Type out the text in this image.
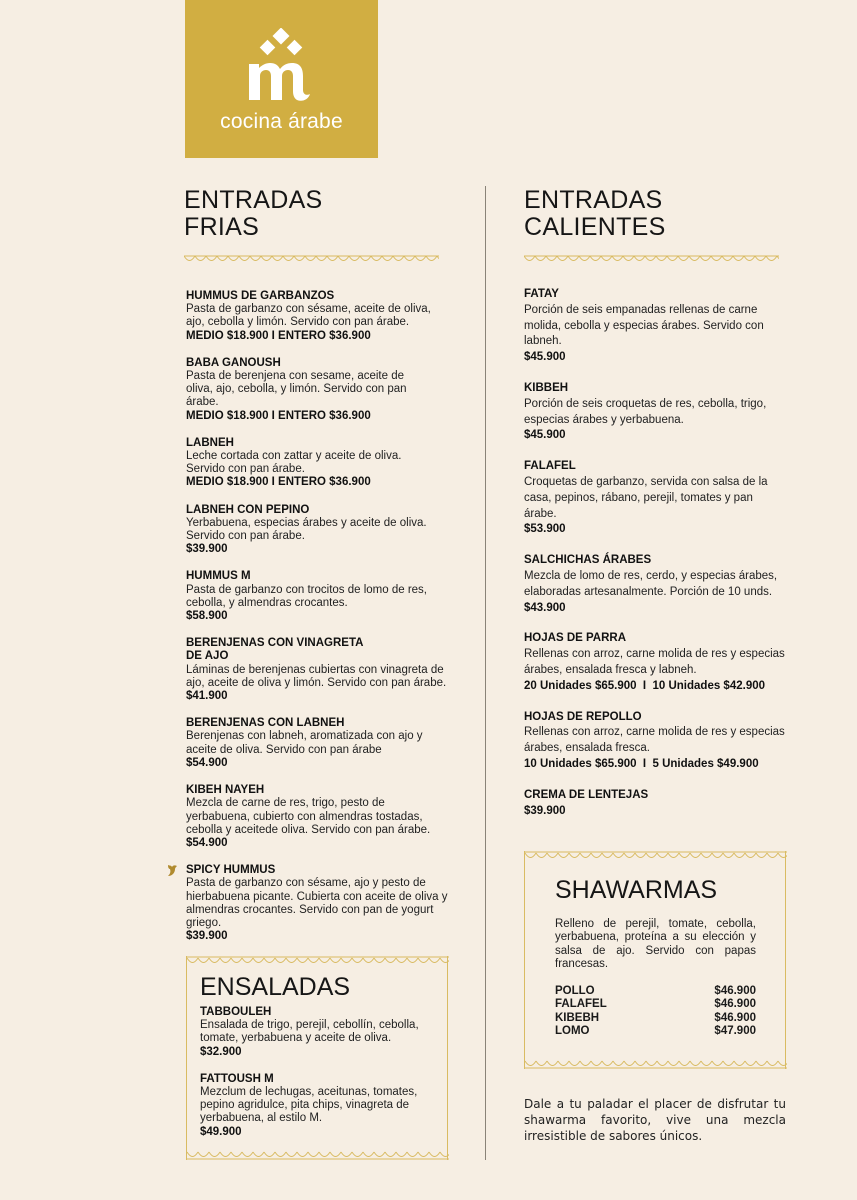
cocina árabe
ENTRADAS
FRIAS
HUMMUS DE GARBANZOS
Pasta de garbanzo con sésame, aceite de oliva, ajo, cebolla y limón. Servido con pan árabe.
MEDIO $18.900 I ENTERO $36.900
BABA GANOUSH
Pasta de berenjena con sesame, aceite de oliva, ajo, cebolla, y limón. Servido con pan árabe.
MEDIO $18.900 I ENTERO $36.900
LABNEH
Leche cortada con zattar y aceite de oliva. Servido con pan árabe.
MEDIO $18.900 I ENTERO $36.900
LABNEH CON PEPINO
Yerbabuena, especias árabes y aceite de oliva. Servido con pan árabe.
$39.900
HUMMUS M
Pasta de garbanzo con trocitos de lomo de res, cebolla, y almendras crocantes.
$58.900
BERENJENAS CON VINAGRETA DE AJO
Láminas de berenjenas cubiertas con vinagreta de ajo, aceite de oliva y limón. Servido con pan árabe.
$41.900
BERENJENAS CON LABNEH
Berenjenas con labneh, aromatizada con ajo y aceite de oliva. Servido con pan árabe
$54.900
KIBEH NAYEH
Mezcla de carne de res, trigo, pesto de yerbabuena, cubierto con almendras tostadas, cebolla y aceitede oliva. Servido con pan árabe.
$54.900
SPICY HUMMUS
Pasta de garbanzo con sésame, ajo y pesto de hierbabuena picante. Cubierta con aceite de oliva y almendras crocantes. Servido con pan de yogurt griego.
$39.900
ENSALADAS
TABBOULEH
Ensalada de trigo, perejil, cebollín, cebolla, tomate, yerbabuena y aceite de oliva.
$32.900
FATTOUSH M
Mezclum de lechugas, aceitunas, tomates, pepino agridulce, pita chips, vinagreta de yerbabuena, al estilo M.
$49.900
ENTRADAS
CALIENTES
FATAY
Porción de seis empanadas rellenas de carne molida, cebolla y especias árabes. Servido con labneh.
$45.900
KIBBEH
Porción de seis croquetas de res, cebolla, trigo, especias árabes y yerbabuena.
$45.900
FALAFEL
Croquetas de garbanzo, servida con salsa de la casa, pepinos, rábano, perejil, tomates y pan árabe.
$53.900
SALCHICHAS ÁRABES
Mezcla de lomo de res, cerdo, y especias árabes, elaboradas artesanalmente. Porción de 10 unds.
$43.900
HOJAS DE PARRA
Rellenas con arroz, carne molida de res y especias árabes, ensalada fresca y labneh.
20 Unidades $65.900  I  10 Unidades $42.900
HOJAS DE REPOLLO
Rellenas con arroz, carne molida de res y especias árabes, ensalada fresca.
10 Unidades $65.900  I  5 Unidades $49.900
CREMA DE LENTEJAS
$39.900
SHAWARMAS
Relleno de perejil, tomate, cebolla, yerbabuena, proteína a su elección y salsa de ajo. Servido con papas francesas.
POLLO	$46.900
FALAFEL	$46.900
KIBEBH	$46.900
LOMO	$47.900
Dale a tu paladar el placer de disfrutar tu shawarma favorito, vive una mezcla irresistible de sabores únicos.
